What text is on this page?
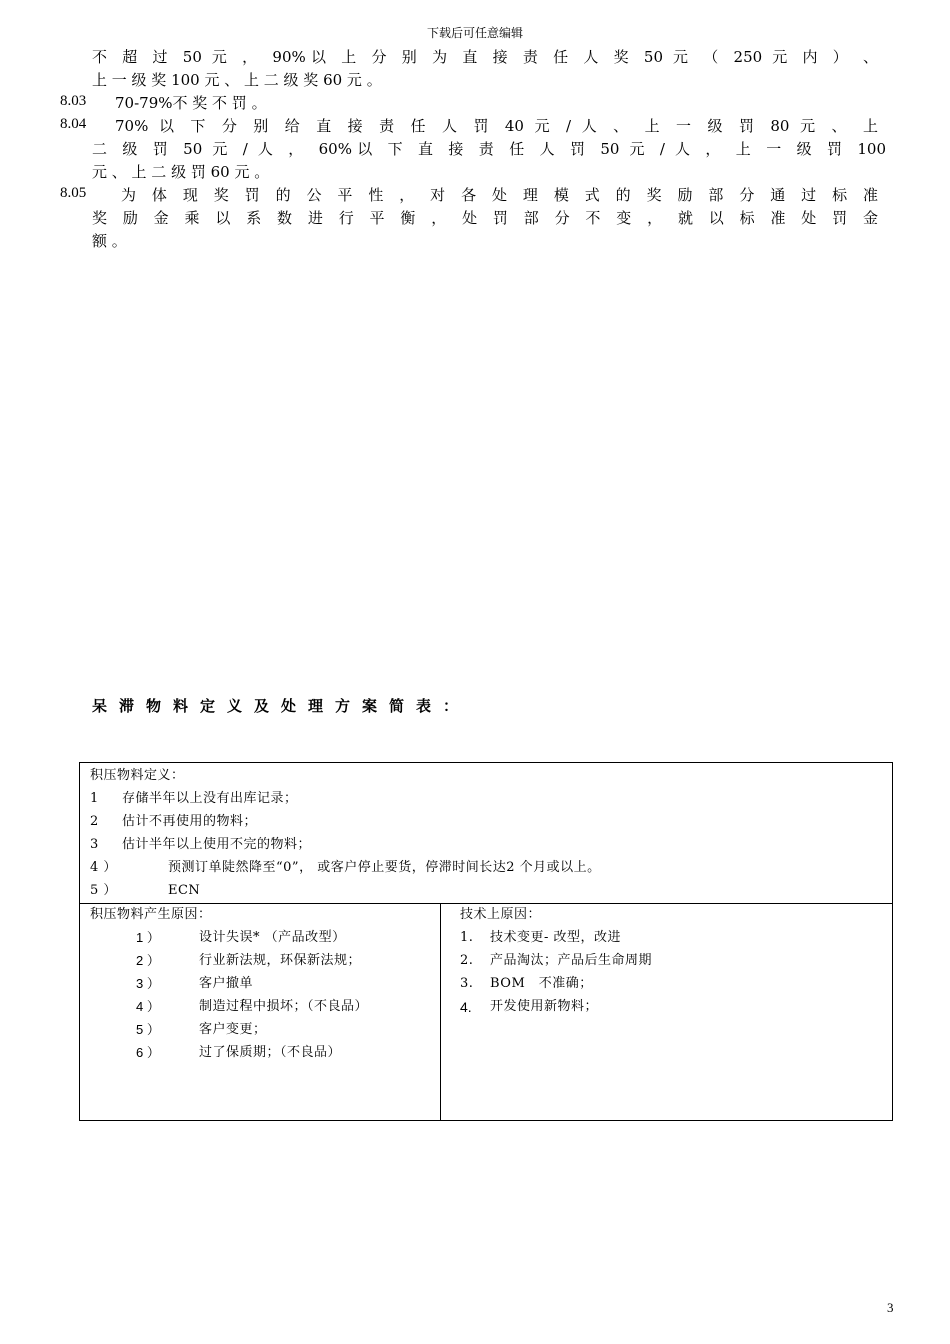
下载后可任意编辑
不 超 过 50 元 ， 90%以 上 分 别 为 直 接 责 任 人 奖 50 元 （ 250 元 内 ） 、
上 一 级 奖 100 元 、 上 二 级 奖 60 元 。
8.03 70-79%不 奖 不 罚 。
8.04 70% 以 下 分 别 给 直 接 责 任 人 罚 40 元 / 人 、 上 一 级 罚 80 元 、 上
二 级 罚 50 元 / 人 ， 60%以 下 直 接 责 任 人 罚 50 元 / 人 ， 上 一 级 罚 100
元 、 上 二 级 罚 60 元 。
8.05 为 体 现 奖 罚 的 公 平 性 ， 对 各 处 理 模 式 的 奖 励 部 分 通 过 标 准
奖 励 金 乘 以 系 数 进 行 平 衡 ， 处 罚 部 分 不 变 ， 就 以 标 准 处 罚 金
额 。
呆滞物料定义及处理方案简表：
积压物料定义：
1 存储半年以上没有出库记录；
2 估计不再使用的物料；
3 估计半年以上使用不完的物料；
4 ）	预测订单陡然降至“0”， 或客户停止要货，停滞时间长达2 个月或以上。
5 ）	ECN
积压物料产生原因：
1 ）	设计失误* （产品改型）
2 ）	行业新法规，环保新法规；
3 ）	客户撤单
4 ）	制造过程中损坏；（不良品）
5 ）	客户变更；
6 ）	过了保质期；（不良品）
技术上原因：
1. 技术变更- 改型，改进
2. 产品淘汰；产品后生命周期
3. BOM　不准确；
4. 开发使用新物料；
3
